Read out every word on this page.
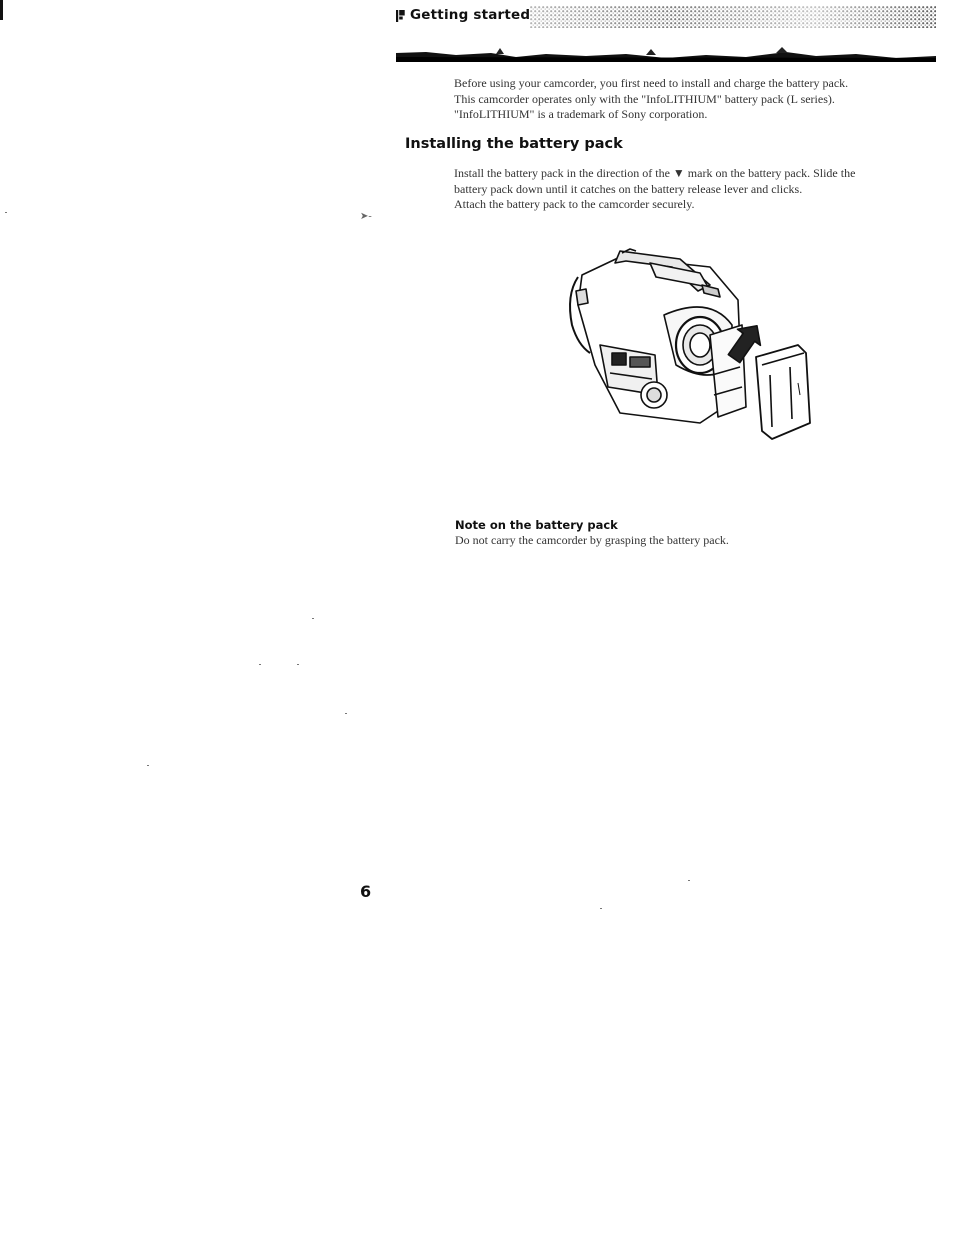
Getting started

Before using your camcorder, you first need to install and charge the battery pack.

This camcorder operates only with the "InfoLITHIUM" battery pack (L series).

"InfoLITHIUM" is a trademark of Sony corporation.

Installing the battery pack

Install the battery pack in the direction of the ▼ mark on the battery pack. Slide the

battery pack down until it catches on the battery release lever and clicks.

Attach the battery pack to the camcorder securely.

➤-
Note on the battery pack

Do not carry the camcorder by grasping the battery pack.

6
